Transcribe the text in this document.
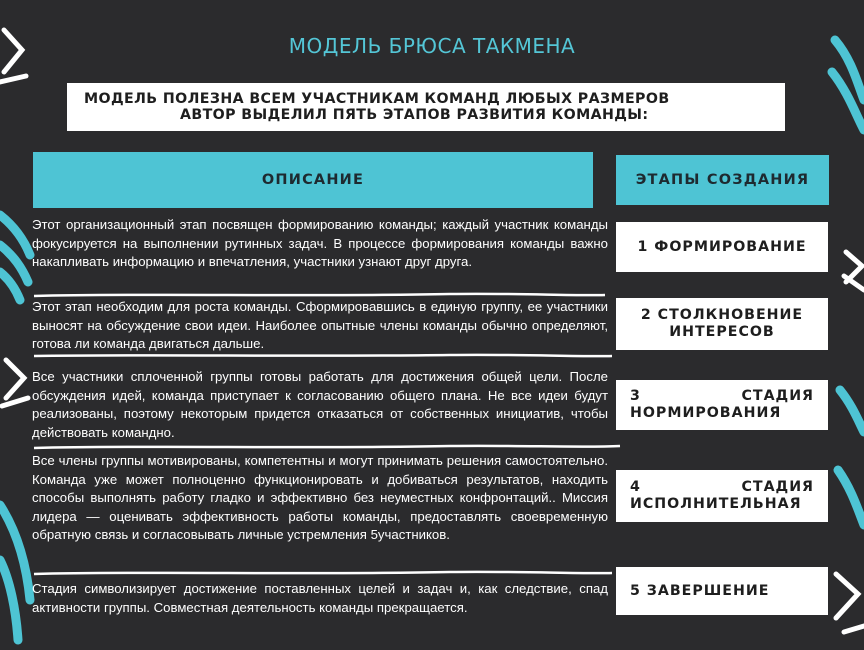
МОДЕЛЬ БРЮСА ТАКМЕНА
МОДЕЛЬ ПОЛЕЗНА ВСЕМ УЧАСТНИКАМ КОМАНД ЛЮБЫХ РАЗМЕРОВ
АВТОР ВЫДЕЛИЛ ПЯТЬ ЭТАПОВ РАЗВИТИЯ КОМАНДЫ:
ОПИСАНИЕ	ЭТАПЫ СОЗДАНИЯ
Этот организационный этап посвящен формированию команды; каждый участник команды фокусируется на выполнении рутинных задач. В процессе формирования команды важно накапливать информацию и впечатления, участники узнают друг друга.
Этот этап необходим для роста команды. Сформировавшись в единую группу, ее участники выносят на обсуждение свои идеи. Наиболее опытные члены команды обычно определяют, готова ли команда двигаться дальше.
Все участники сплоченной группы готовы работать для достижения общей цели. После обсуждения идей, команда приступает к согласованию общего плана. Не все идеи будут реализованы, поэтому некоторым придется отказаться от собственных инициатив, чтобы действовать командно.
Все члены группы мотивированы, компетентны и могут принимать решения самостоятельно. Команда уже может полноценно функционировать и добиваться результатов, находить способы выполнять работу гладко и эффективно без неуместных конфронтаций.. Миссия лидера — оценивать эффективность работы команды, предоставлять своевременную обратную связь и согласовывать личные устремления 5участников.
Стадия символизирует достижение поставленных целей и задач и, как следствие, спад активности группы. Совместная деятельность команды прекращается.
1 ФОРМИРОВАНИЕ
2 СТОЛКНОВЕНИЕ ИНТЕРЕСОВ
3 СТАДИЯ НОРМИРОВАНИЯ
4 СТАДИЯ ИСПОЛНИТЕЛЬНАЯ
5 ЗАВЕРШЕНИЕ
